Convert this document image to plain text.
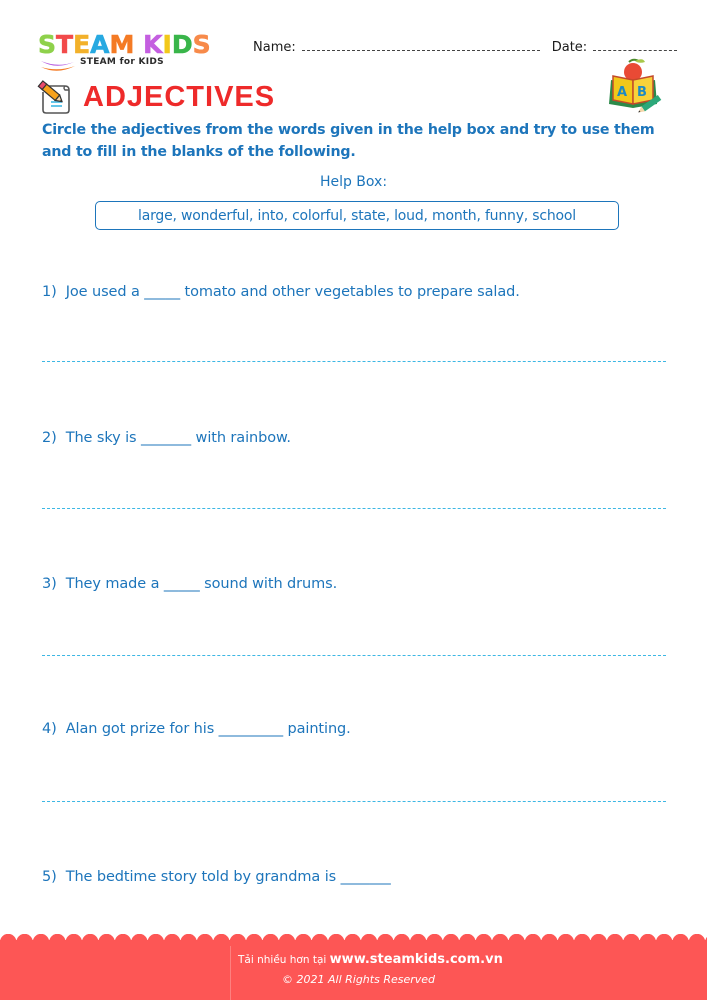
S T E A M
K I D S
STEAM for KIDS
Name:	Date:
ADJECTIVES	A B
Circle the adjectives from the words given in the help box and try to use them and to fill in the blanks of the following.
Help Box:
large, wonderful, into, colorful, state, loud, month, funny, school
1)  Joe used a _____ tomato and other vegetables to prepare salad.
2)  The sky is _______ with rainbow.
3)  They made a _____ sound with drums.
4)  Alan got prize for his _________ painting.
5)  The bedtime story told by grandma is _______
Tải nhiều hơn tại www.steamkids.com.vn
© 2021 All Rights Reserved
